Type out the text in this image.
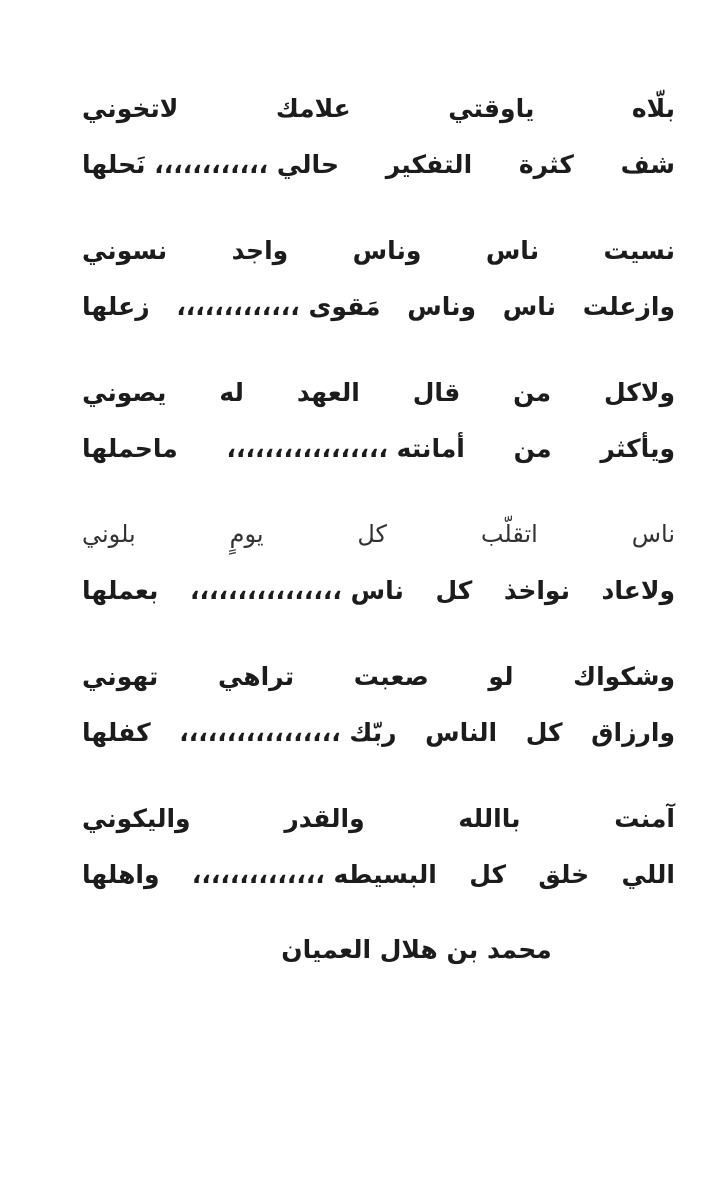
بلّاه
ياوقتي
علامك
لاتخوني
شف
كثرة
التفكير
حالي ،،،،،،،،،،،، نَحلها
نسيت
ناس
وناس
واجد
نسوني
وازعلت
ناس
وناس
مَقوى ،،،،،،،،،،،،،
زعلها
ولاكل
من
قال
العهد
له
يصوني
ويأكثر
من
أمانته ،،،،،،،،،،،،،،،،،
ماحملها
ناس
اتقلّب
كل
يومٍ
بلوني
ولاعاد
نواخذ
كل
ناس ،،،،،،،،،،،،،،،،
بعملها
وشكواك
لو
صعبت
تراهي
تهوني
وارزاق
كل
الناس
ربّك ،،،،،،،،،،،،،،،،،
كفلها
آمنت
باالله
والقدر
واليكوني
اللي
خلق
كل
البسيطه ،،،،،،،،،،،،،،
واهلها
محمد بن هلال العميان
